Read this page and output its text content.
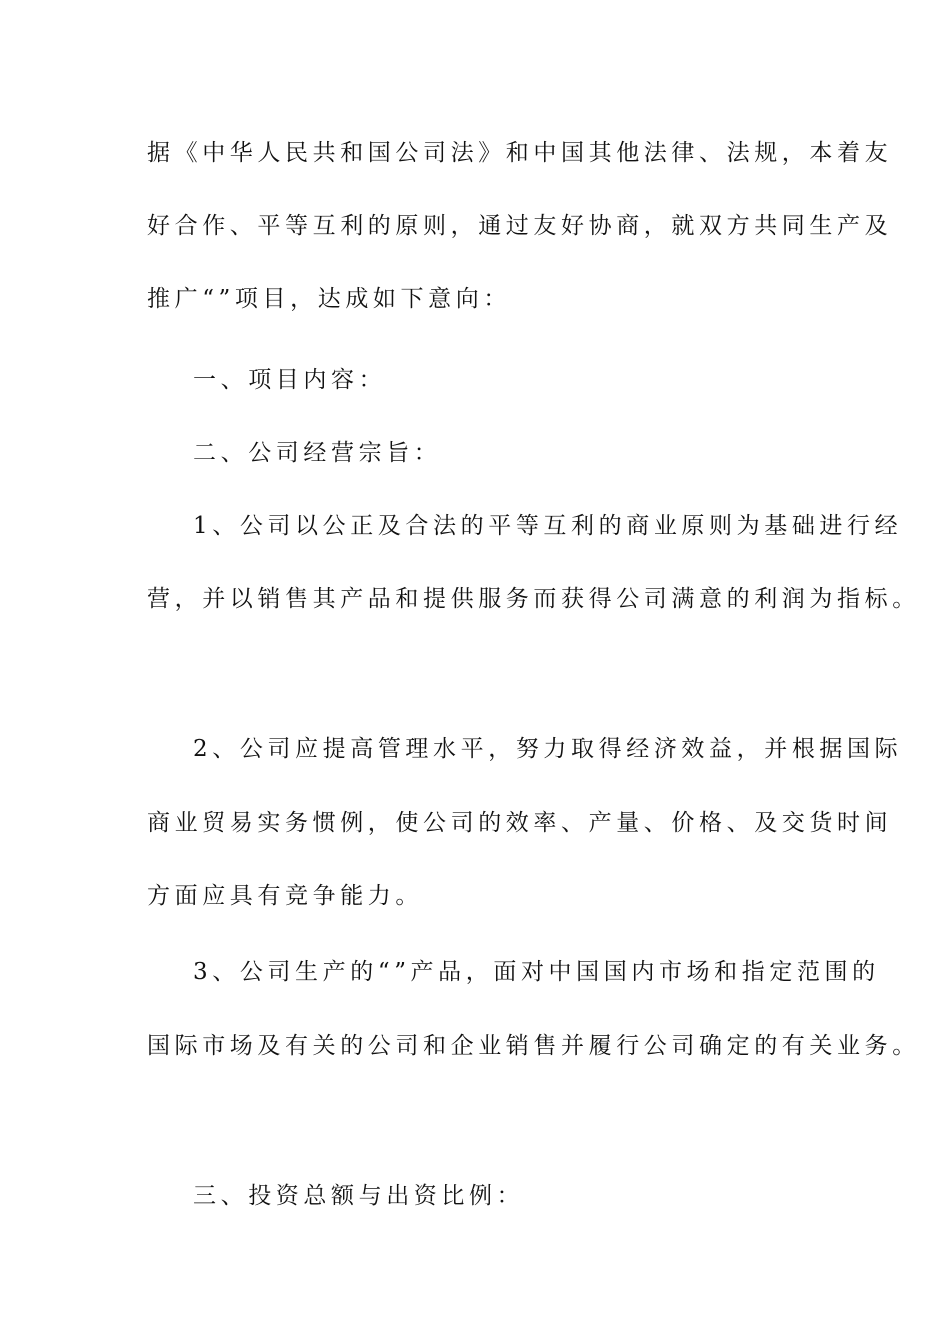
据《中华人民共和国公司法》和中国其他法律、法规，本着友
好合作、平等互利的原则，通过友好协商，就双方共同生产及
推广“”项目，达成如下意向：
一、项目内容：
二、公司经营宗旨：
1、公司以公正及合法的平等互利的商业原则为基础进行经
营，并以销售其产品和提供服务而获得公司满意的利润为指标。
2、公司应提高管理水平，努力取得经济效益，并根据国际
商业贸易实务惯例，使公司的效率、产量、价格、及交货时间
方面应具有竞争能力。
3、公司生产的“”产品，面对中国国内市场和指定范围的
国际市场及有关的公司和企业销售并履行公司确定的有关业务。
三、投资总额与出资比例：
